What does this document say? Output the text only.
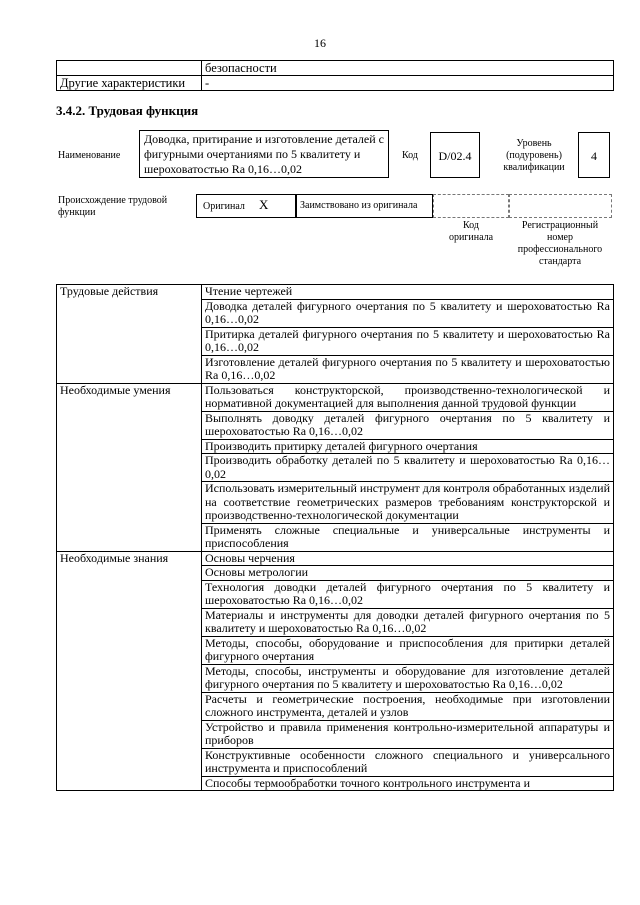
16
	безопасности
Другие характеристики	-
3.4.2. Трудовая функция
Наименование
Доводка, притирание и изготовление деталей с фигурными очертаниями по 5 квалитету и шероховатостью Ra 0,16…0,02
Код	D/02.4
Уровень (подуровень) квалификации
4
Происхождение трудовой функции
Оригинал X	Заимствовано из оригинала
Код оригинала
Регистрационный номер профессионального стандарта
Трудовые действия	Чтение чертежей
	Доводка деталей фигурного очертания по 5 квалитету и шероховатостью Ra 0,16…0,02
	Притирка деталей фигурного очертания по 5 квалитету и шероховатостью Ra 0,16…0,02
	Изготовление деталей фигурного очертания по 5 квалитету и шероховатостью Ra 0,16…0,02
Необходимые умения	Пользоваться конструкторской, производственно-технологической и нормативной документацией для выполнения данной трудовой функции
	Выполнять доводку деталей фигурного очертания по 5 квалитету и шероховатостью Ra 0,16…0,02
	Производить притирку деталей фигурного очертания
	Производить обработку деталей по 5 квалитету и шероховатостью Ra 0,16…0,02
	Использовать измерительный инструмент для контроля обработанных изделий на соответствие геометрических размеров требованиям конструкторской и производственно-технологической документации
	Применять сложные специальные и универсальные инструменты и приспособления
Необходимые знания	Основы черчения
	Основы метрологии
	Технология доводки деталей фигурного очертания по 5 квалитету и шероховатостью Ra 0,16…0,02
	Материалы и инструменты для доводки деталей фигурного очертания по 5 квалитету и шероховатостью Ra 0,16…0,02
	Методы, способы, оборудование и приспособления для притирки деталей фигурного очертания
	Методы, способы, инструменты и оборудование для изготовление деталей фигурного очертания по 5 квалитету и шероховатостью Ra 0,16…0,02
	Расчеты и геометрические построения, необходимые при изготовлении сложного инструмента, деталей и узлов
	Устройство и правила применения контрольно-измерительной аппаратуры и приборов
	Конструктивные особенности сложного специального и универсального инструмента и приспособлений
	Способы термообработки точного контрольного инструмента и
